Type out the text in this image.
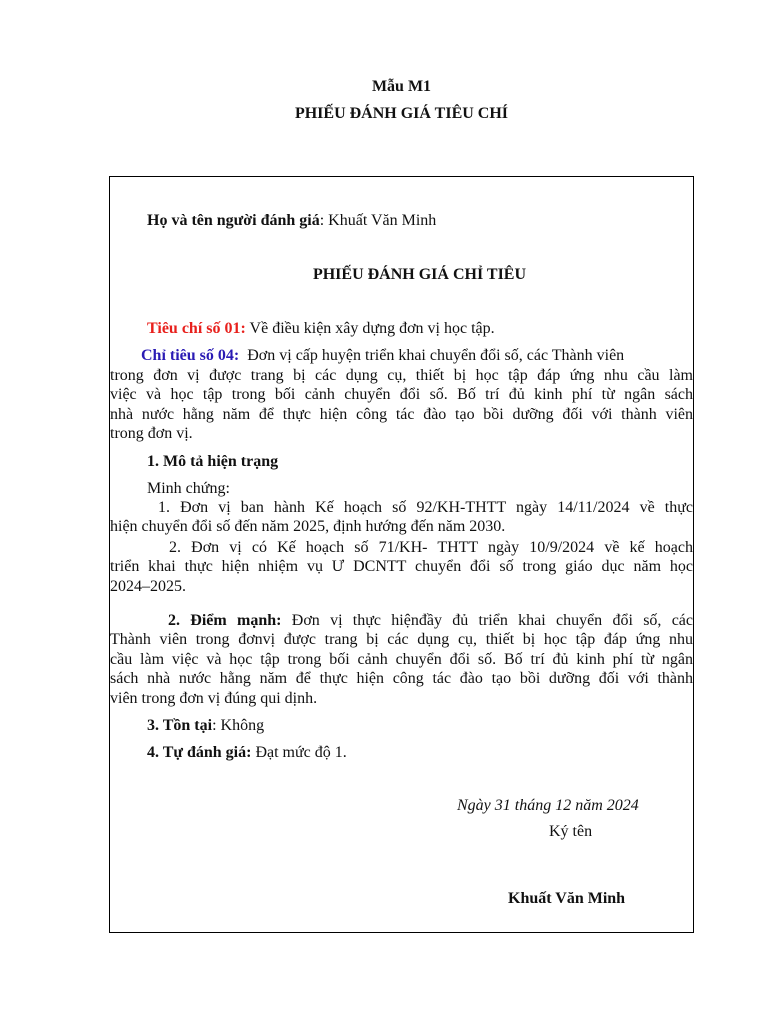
Mẫu M1
PHIẾU ĐÁNH GIÁ TIÊU CHÍ
Họ và tên người đánh giá: Khuất Văn Minh
PHIẾU ĐÁNH GIÁ CHỈ TIÊU
Tiêu chí số 01: Về điều kiện xây dựng đơn vị học tập.
Chỉ tiêu số 04: Đơn vị cấp huyện triển khai chuyển đổi số, các Thành viên
trong đơn vị được trang bị các dụng cụ, thiết bị học tập đáp ứng nhu cầu làm
việc và học tập trong bối cảnh chuyển đổi số. Bố trí đủ kinh phí từ ngân sách
nhà nước hằng năm để thực hiện công tác đào tạo bồi dưỡng đối với thành viên
trong đơn vị.
1. Mô tả hiện trạng
Minh chứng:
1. Đơn vị ban hành Kế hoạch số 92/KH-THTT ngày 14/11/2024 về thực
hiện chuyển đổi số đến năm 2025, định hướng đến năm 2030.
2. Đơn vị có Kế hoạch số 71/KH- THTT ngày 10/9/2024 về kế hoạch
triển khai thực hiện nhiệm vụ Ư DCNTT chuyển đổi số trong giáo dục năm học
2024–2025.
2. Điểm mạnh: Đơn vị thực hiệnđầy đủ triển khai chuyển đổi số, các
Thành viên trong đơnvị được trang bị các dụng cụ, thiết bị học tập đáp ứng nhu
cầu làm việc và học tập trong bối cảnh chuyển đổi số. Bố trí đủ kinh phí từ ngân
sách nhà nước hằng năm để thực hiện công tác đào tạo bồi dưỡng đối với thành
viên trong đơn vị đúng qui dịnh.
3. Tồn tại: Không
4. Tự đánh giá: Đạt mức độ 1.
Ngày 31 tháng 12 năm 2024
Ký tên
Khuất Văn Minh
